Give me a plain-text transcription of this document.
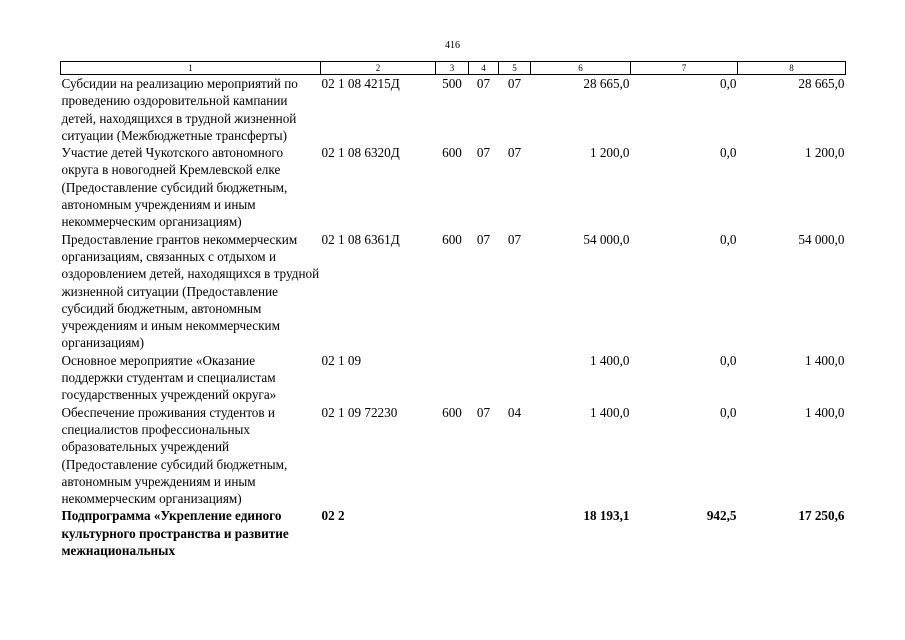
416
1	2	3	4	5	6	7	8
Субсидии на реализацию мероприятий по проведению оздоровительной кампании детей, находящихся в трудной жизненной ситуации (Межбюджетные трансферты)	02 1 08 4215Д	500	07	07	28 665,0	0,0	28 665,0
Участие детей Чукотского автономного округа в новогодней Кремлевской елке (Предоставление субсидий бюджетным, автономным учреждениям и иным некоммерческим организациям)	02 1 08 6320Д	600	07	07	1 200,0	0,0	1 200,0
Предоставление грантов некоммерческим организациям, связанных с отдыхом и оздоровлением детей, находящихся в трудной жизненной ситуации (Предоставление субсидий бюджетным, автономным учреждениям и иным некоммерческим организациям)	02 1 08 6361Д	600	07	07	54 000,0	0,0	54 000,0
Основное мероприятие «Оказание поддержки студентам и специалистам государственных учреждений округа»	02 1 09				1 400,0	0,0	1 400,0
Обеспечение проживания студентов и специалистов профессиональных образовательных учреждений (Предоставление субсидий бюджетным, автономным учреждениям и иным некоммерческим организациям)	02 1 09 72230	600	07	04	1 400,0	0,0	1 400,0
Подпрограмма «Укрепление единого культурного пространства и развитие межнациональных	02 2				18 193,1	942,5	17 250,6
